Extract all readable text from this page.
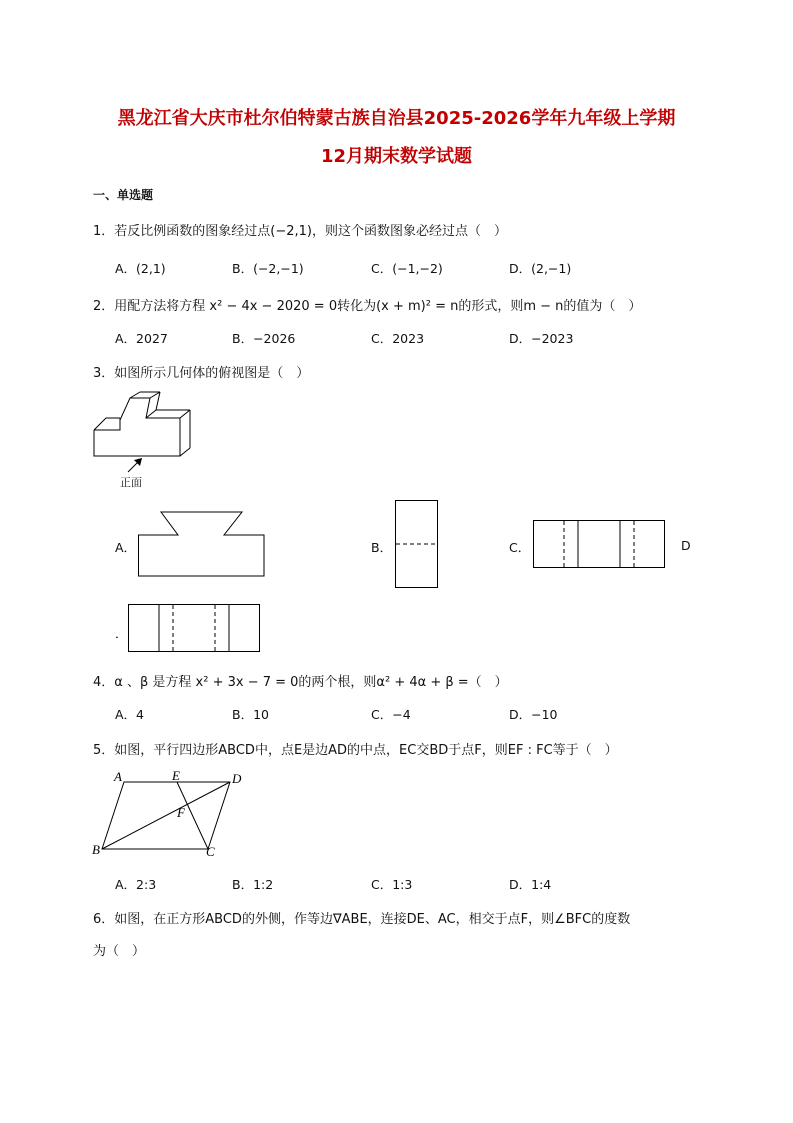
黑龙江省大庆市杜尔伯特蒙古族自治县2025-2026学年九年级上学期
12月期末数学试题
一、单选题
1．若反比例函数的图象经过点(−2,1)，则这个函数图象必经过点（　）
A．(2,1)	B．(−2,−1)	C．(−1,−2)	D．(2,−1)
2．用配方法将方程 x² − 4x − 2020 = 0转化为(x + m)² = n的形式，则m − n的值为（　）
A．2027	B．−2026	C．2023	D．−2023
3．如图所示几何体的俯视图是（　）
正面
A．	B．	C．	D
．
4．α 、β 是方程 x² + 3x − 7 = 0的两个根，则α² + 4α + β =（　）
A．4	B．10	C．−4	D．−10
5．如图，平行四边形ABCD中，点E是边AD的中点，EC交BD于点F，则EF : FC等于（　）
A	E	D
F
B	C
A．2:3	B．1:2	C．1:3	D．1:4
6．如图，在正方形ABCD的外侧，作等边∇ABE，连接DE、AC，相交于点F，则∠BFC的度数
为（　）
